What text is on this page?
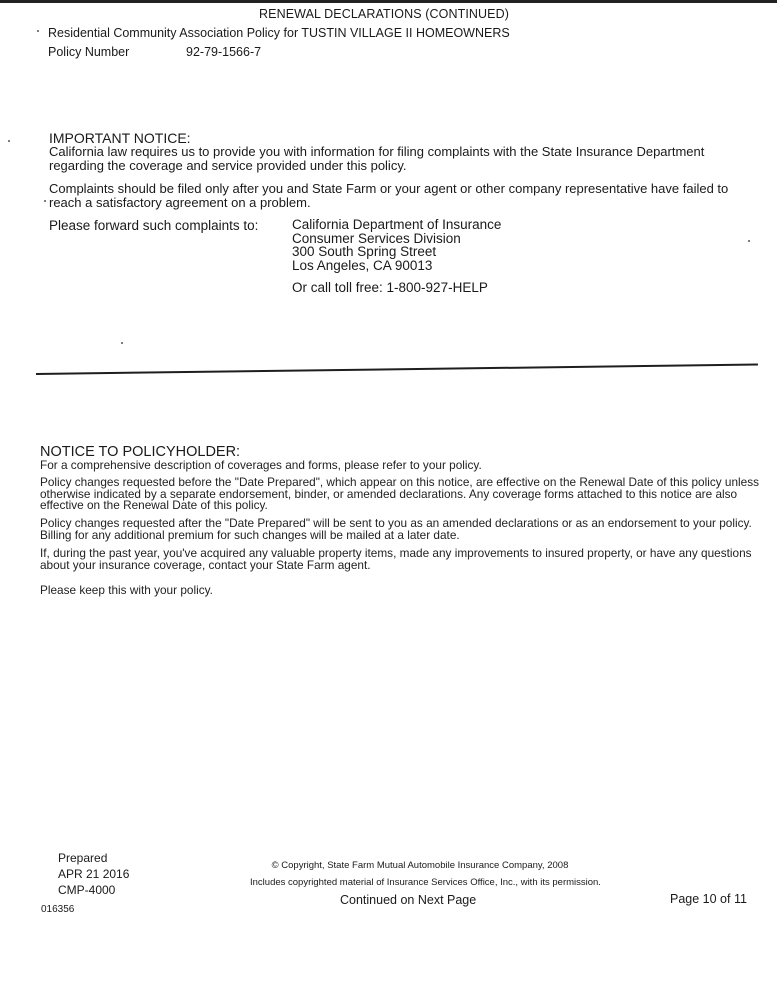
RENEWAL DECLARATIONS (CONTINUED)
Residential Community Association Policy for TUSTIN VILLAGE II HOMEOWNERS
Policy Number	92-79-1566-7
IMPORTANT NOTICE:
California law requires us to provide you with information for filing complaints with the State Insurance Department regarding the coverage and service provided under this policy.
Complaints should be filed only after you and State Farm or your agent or other company representative have failed to reach a satisfactory agreement on a problem.
Please forward such complaints to: California Department of Insurance
Consumer Services Division
300 South Spring Street
Los Angeles, CA 90013
Or call toll free: 1-800-927-HELP
NOTICE TO POLICYHOLDER:
For a comprehensive description of coverages and forms, please refer to your policy.
Policy changes requested before the "Date Prepared", which appear on this notice, are effective on the Renewal Date of this policy unless otherwise indicated by a separate endorsement, binder, or amended declarations. Any coverage forms attached to this notice are also effective on the Renewal Date of this policy.
Policy changes requested after the "Date Prepared" will be sent to you as an amended declarations or as an endorsement to your policy. Billing for any additional premium for such changes will be mailed at a later date.
If, during the past year, you've acquired any valuable property items, made any improvements to insured property, or have any questions about your insurance coverage, contact your State Farm agent.
Please keep this with your policy.
Prepared
APR 21 2016
CMP-4000
016356
© Copyright, State Farm Mutual Automobile Insurance Company, 2008
Includes copyrighted material of Insurance Services Office, Inc., with its permission.
Continued on Next Page	Page 10 of 11
